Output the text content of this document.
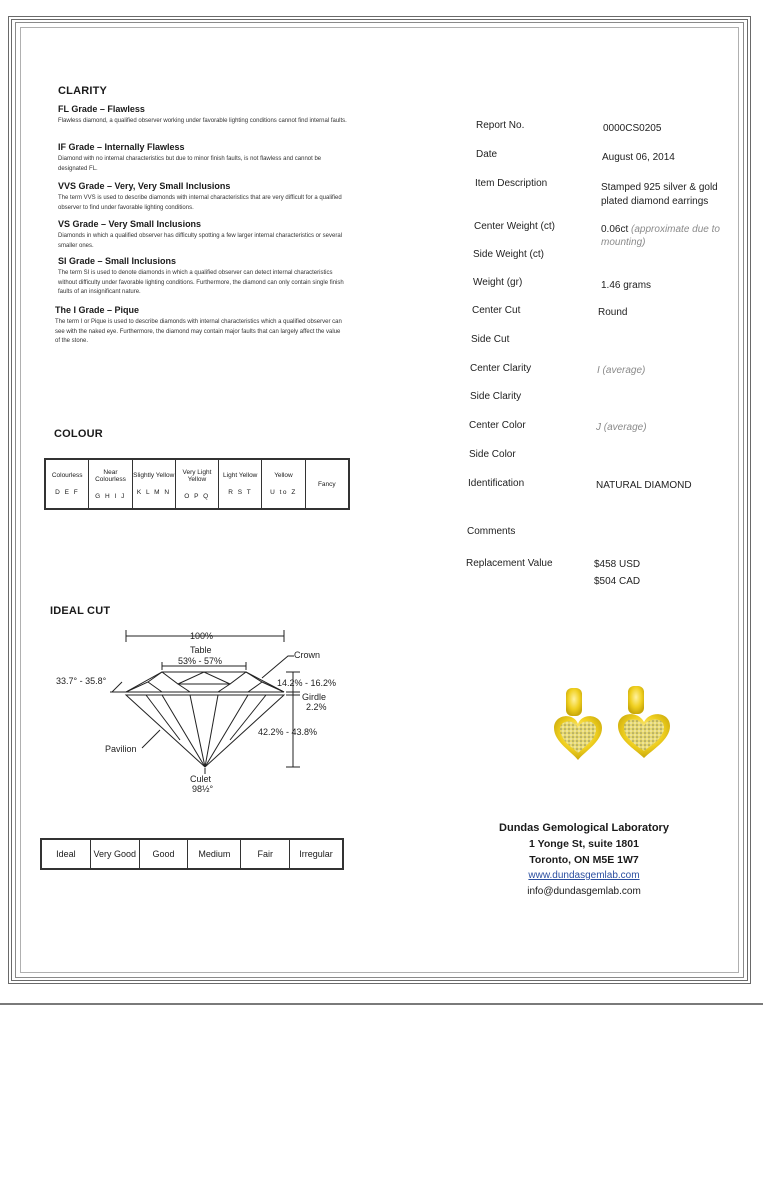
CLARITY
FL Grade – Flawless
Flawless diamond, a qualified observer working under favorable lighting conditions cannot find internal faults.
IF Grade – Internally Flawless
Diamond with no internal characteristics but due to minor finish faults, is not flawless and cannot be designated FL.
VVS Grade – Very, Very Small Inclusions
The term VVS is used to describe diamonds with internal characteristics that are very difficult for a qualified observer to find under favorable lighting conditions.
VS Grade – Very Small Inclusions
Diamonds in which a qualified observer has difficulty spotting a few larger internal characteristics or several smaller ones.
SI Grade – Small Inclusions
The term SI is used to denote diamonds in which a qualified observer can detect internal characteristics without difficulty under favorable lighting conditions. Furthermore, the diamond can only contain single finish faults of an insignificant nature.
The I Grade – Pique
The term I or Pique is used to describe diamonds with internal characteristics which a qualified observer can see with the naked eye. Furthermore, the diamond may contain major faults that can largely affect the value of the stone.
COLOUR
Colourless
D E F

Near Colourless
G H I J

Slightly Yellow
K L M N

Very Light Yellow
O P Q

Light Yellow
R S T

Yellow
U to Z
	Fancy
IDEAL CUT
100%
Table
53% - 57%
Crown
33.7° - 35.8°	14.2% - 16.2%
Girdle
2.2%
42.2% - 43.8%
Pavilion
Culet
98½°
Ideal	Very Good	Good	Medium	Fair	Irregular
Report No.	0000CS0205
Date	August 06, 2014
Item Description	Stamped 925 silver & gold plated diamond earrings
Center Weight (ct)	0.06ct (approximate due to mounting)
Side Weight (ct)
Weight (gr)	1.46 grams
Center Cut	Round
Side Cut
Center Clarity	I (average)
Side Clarity
Center Color	J (average)
Side Color
Identification	NATURAL DIAMOND
Comments
Replacement Value	$458 USD
$504 CAD
Dundas Gemological Laboratory
1 Yonge St, suite 1801
Toronto, ON M5E 1W7
www.dundasgemlab.com
info@dundasgemlab.com
